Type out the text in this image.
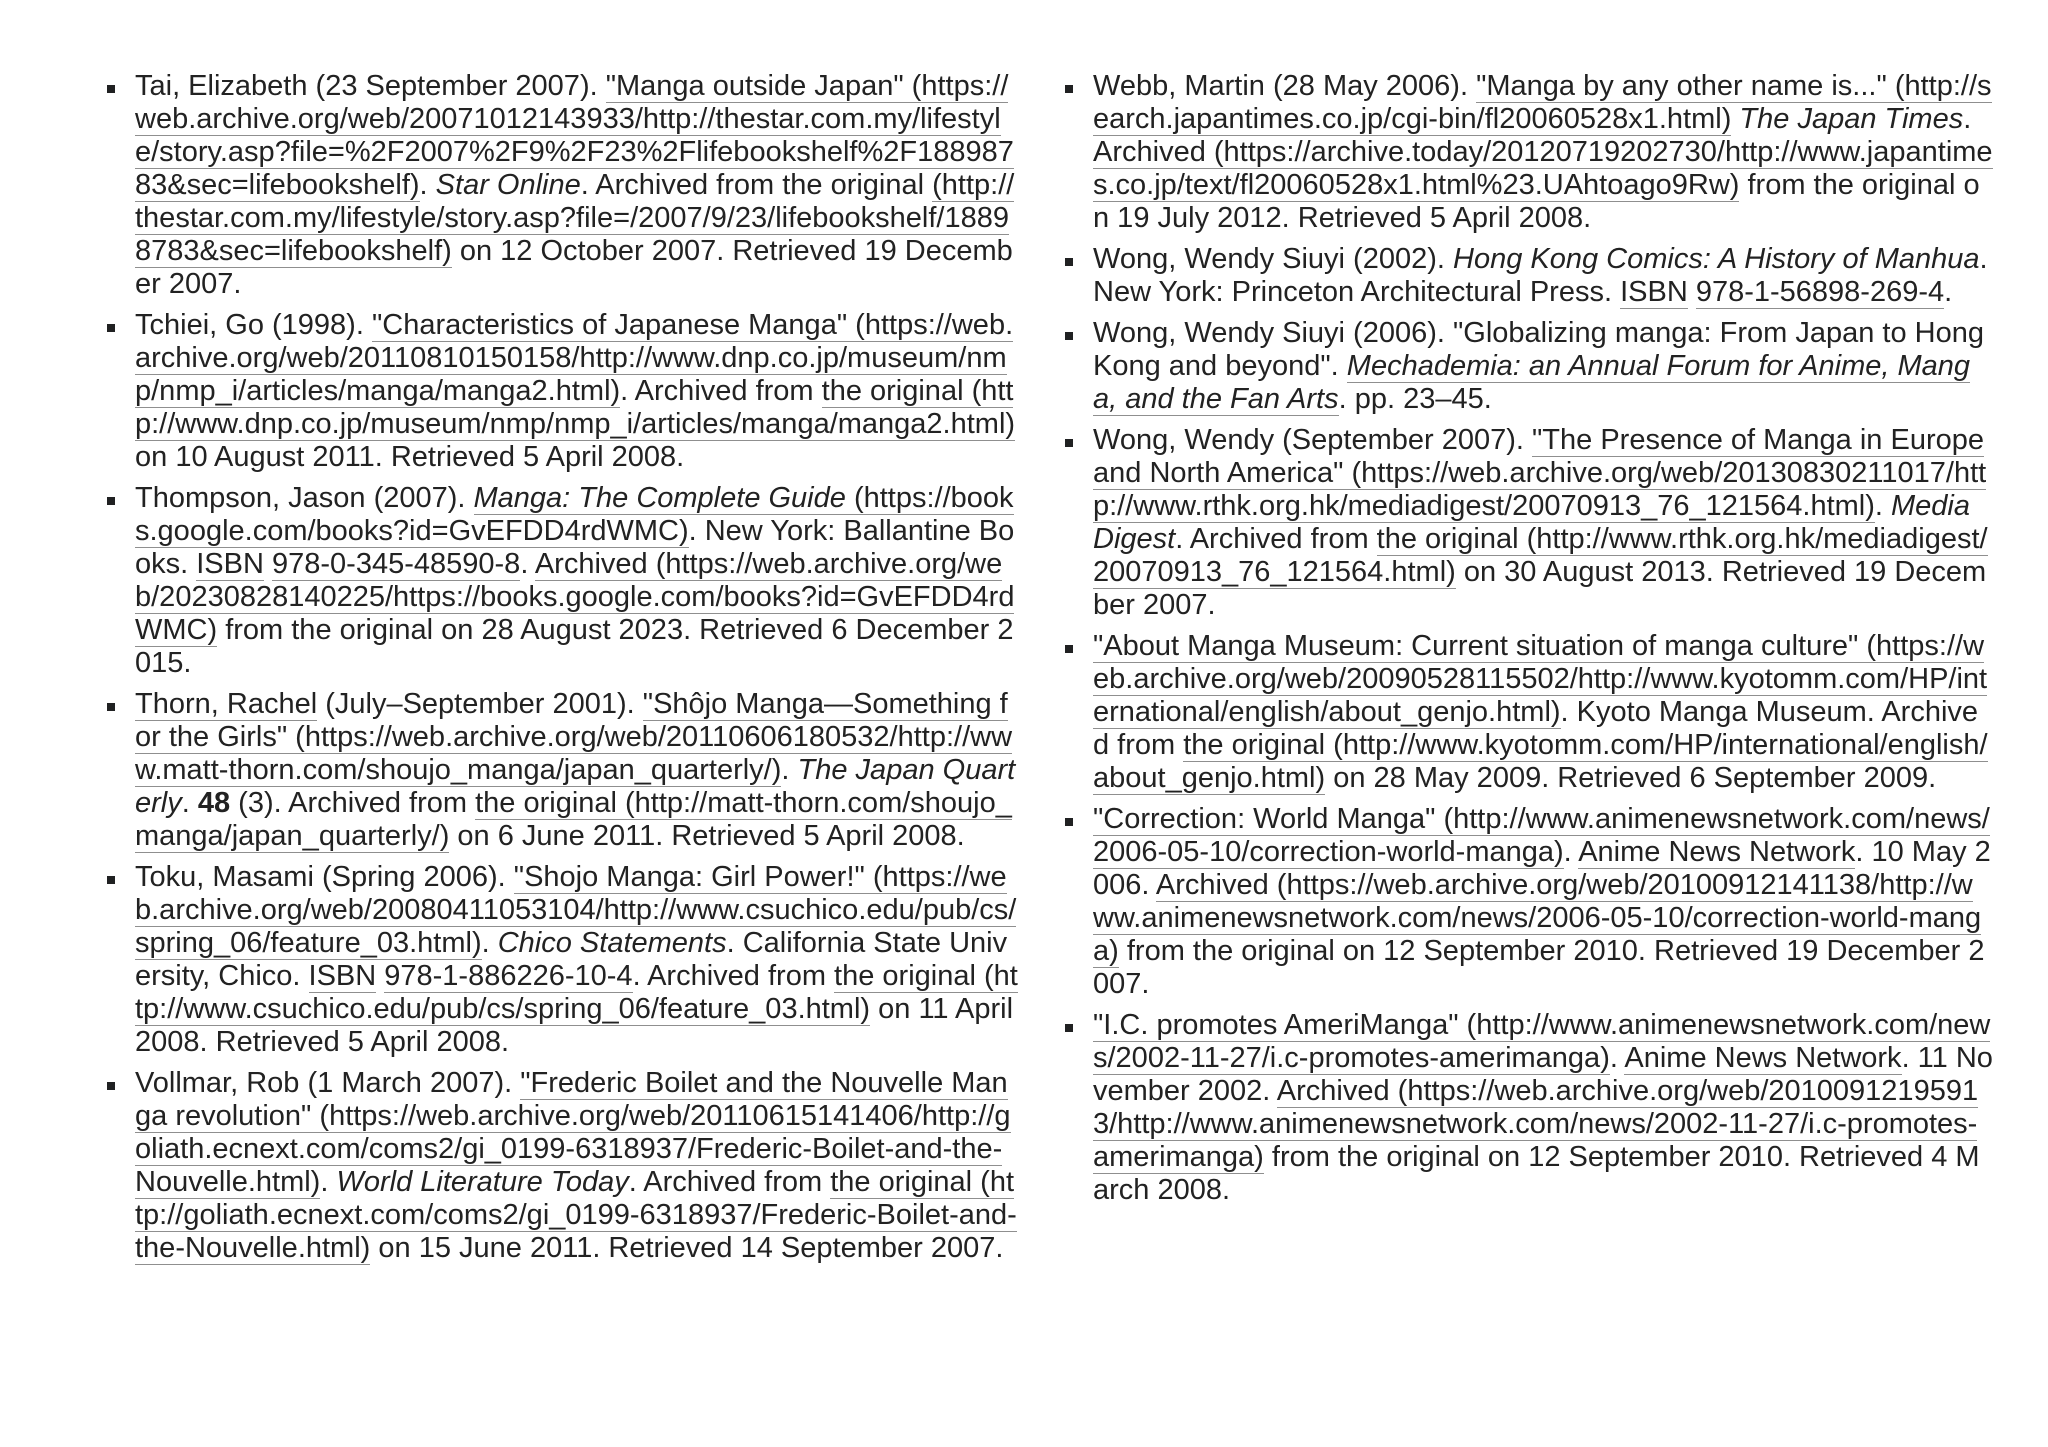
Tai, Elizabeth (23 September 2007). "Manga outside Japan" (https://web.archive.org/web/20071012143933/http://thestar.com.my/lifestyle/story.asp?file=%2F2007%2F9%2F23%2Flifebookshelf%2F18898783&sec=lifebookshelf). Star Online. Archived from the original (http://thestar.com.my/lifestyle/story.asp?file=/2007/9/23/lifebookshelf/18898783&sec=lifebookshelf) on 12 October 2007. Retrieved 19 December 2007.
Tchiei, Go (1998). "Characteristics of Japanese Manga" (https://web.archive.org/web/20110810150158/http://www.dnp.co.jp/museum/nmp/nmp_i/articles/manga/manga2.html). Archived from the original (http://www.dnp.co.jp/museum/nmp/nmp_i/articles/manga/manga2.html) on 10 August 2011. Retrieved 5 April 2008.
Thompson, Jason (2007). Manga: The Complete Guide (https://books.google.com/books?id=GvEFDD4rdWMC). New York: Ballantine Books. ISBN 978-0-345-48590-8. Archived (https://web.archive.org/web/20230828140225/https://books.google.com/books?id=GvEFDD4rdWMC) from the original on 28 August 2023. Retrieved 6 December 2015.
Thorn, Rachel (July–September 2001). "Shôjo Manga—Something for the Girls" (https://web.archive.org/web/20110606180532/http://www.matt-thorn.com/shoujo_manga/japan_quarterly/). The Japan Quarterly. 48 (3). Archived from the original (http://matt-thorn.com/shoujo_manga/japan_quarterly/) on 6 June 2011. Retrieved 5 April 2008.
Toku, Masami (Spring 2006). "Shojo Manga: Girl Power!" (https://web.archive.org/web/20080411053104/http://www.csuchico.edu/pub/cs/spring_06/feature_03.html). Chico Statements. California State University, Chico. ISBN 978-1-886226-10-4. Archived from the original (http://www.csuchico.edu/pub/cs/spring_06/feature_03.html) on 11 April 2008. Retrieved 5 April 2008.
Vollmar, Rob (1 March 2007). "Frederic Boilet and the Nouvelle Manga revolution" (https://web.archive.org/web/20110615141406/http://goliath.ecnext.com/coms2/gi_0199-6318937/Frederic-Boilet-and-the-Nouvelle.html). World Literature Today. Archived from the original (http://goliath.ecnext.com/coms2/gi_0199-6318937/Frederic-Boilet-and-the-Nouvelle.html) on 15 June 2011. Retrieved 14 September 2007.
Webb, Martin (28 May 2006). "Manga by any other name is..." (http://search.japantimes.co.jp/cgi-bin/fl20060528x1.html) The Japan Times. Archived (https://archive.today/20120719202730/http://www.japantimes.co.jp/text/fl20060528x1.html%23.UAhtoago9Rw) from the original on 19 July 2012. Retrieved 5 April 2008.
Wong, Wendy Siuyi (2002). Hong Kong Comics: A History of Manhua. New York: Princeton Architectural Press. ISBN 978-1-56898-269-4.
Wong, Wendy Siuyi (2006). "Globalizing manga: From Japan to Hong Kong and beyond". Mechademia: an Annual Forum for Anime, Manga, and the Fan Arts. pp. 23–45.
Wong, Wendy (September 2007). "The Presence of Manga in Europe and North America" (https://web.archive.org/web/20130830211017/http://www.rthk.org.hk/mediadigest/20070913_76_121564.html). Media Digest. Archived from the original (http://www.rthk.org.hk/mediadigest/20070913_76_121564.html) on 30 August 2013. Retrieved 19 December 2007.
"About Manga Museum: Current situation of manga culture" (https://web.archive.org/web/20090528115502/http://www.kyotomm.com/HP/international/english/about_genjo.html). Kyoto Manga Museum. Archived from the original (http://www.kyotomm.com/HP/international/english/about_genjo.html) on 28 May 2009. Retrieved 6 September 2009.
"Correction: World Manga" (http://www.animenewsnetwork.com/news/2006-05-10/correction-world-manga). Anime News Network. 10 May 2006. Archived (https://web.archive.org/web/20100912141138/http://www.animenewsnetwork.com/news/2006-05-10/correction-world-manga) from the original on 12 September 2010. Retrieved 19 December 2007.
"I.C. promotes AmeriManga" (http://www.animenewsnetwork.com/news/2002-11-27/i.c-promotes-amerimanga). Anime News Network. 11 November 2002. Archived (https://web.archive.org/web/20100912195913/http://www.animenewsnetwork.com/news/2002-11-27/i.c-promotes-amerimanga) from the original on 12 September 2010. Retrieved 4 March 2008.
